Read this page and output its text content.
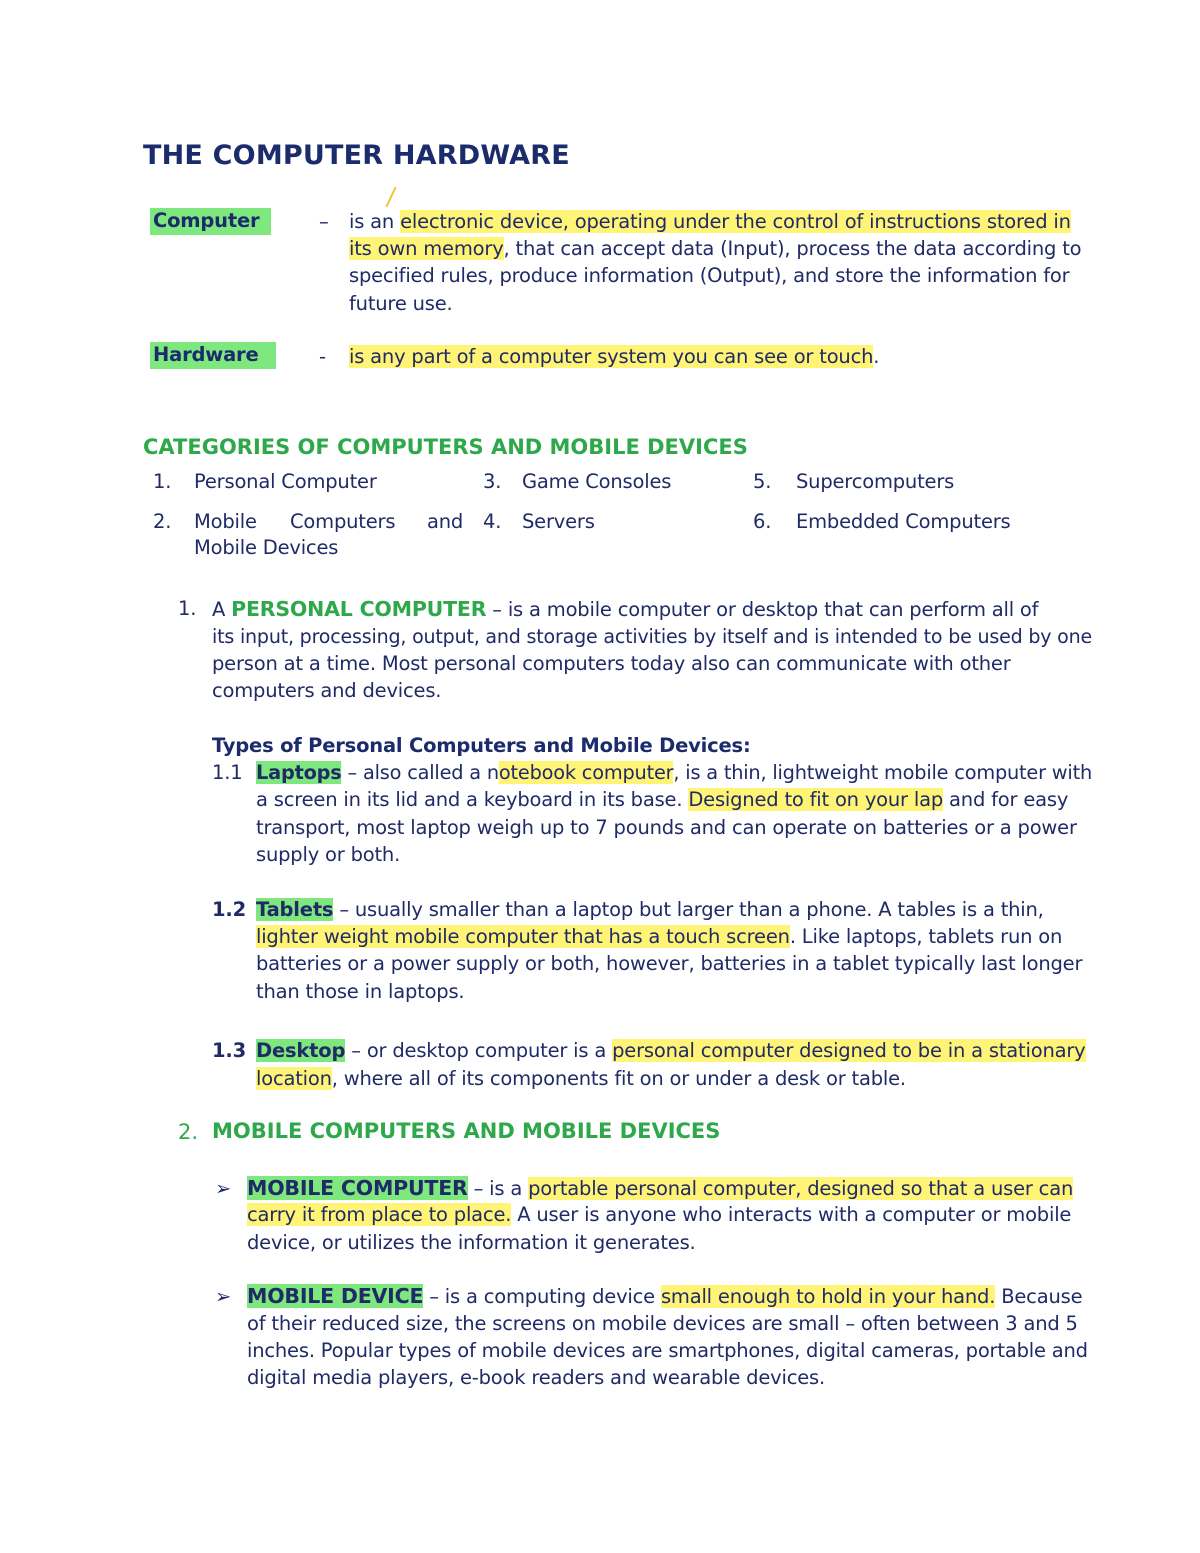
THE COMPUTER HARDWARE
Computer	– is an electronic device, operating under the control of instructions stored in
its own memory, that can accept data (Input), process the data according to
specified rules, produce information (Output), and store the information for
future use.
Hardware	- is any part of a computer system you can see or touch.
CATEGORIES OF COMPUTERS AND MOBILE DEVICES
1. Personal Computer	3. Game Consoles	5. Supercomputers
2. Mobile Computers and
Mobile Devices
4. Servers	6. Embedded Computers
1. A PERSONAL COMPUTER – is a mobile computer or desktop that can perform all of
its input, processing, output, and storage activities by itself and is intended to be used by one
person at a time. Most personal computers today also can communicate with other
computers and devices.
Types of Personal Computers and Mobile Devices:
1.1 Laptops – also called a notebook computer, is a thin, lightweight mobile computer with
a screen in its lid and a keyboard in its base. Designed to fit on your lap and for easy
transport, most laptop weigh up to 7 pounds and can operate on batteries or a power
supply or both.
1.2 Tablets – usually smaller than a laptop but larger than a phone. A tables is a thin,
lighter weight mobile computer that has a touch screen. Like laptops, tablets run on
batteries or a power supply or both, however, batteries in a tablet typically last longer
than those in laptops.
1.3 Desktop – or desktop computer is a personal computer designed to be in a stationary
location, where all of its components fit on or under a desk or table.
2. MOBILE COMPUTERS AND MOBILE DEVICES
➢ MOBILE COMPUTER – is a portable personal computer, designed so that a user can
carry it from place to place. A user is anyone who interacts with a computer or mobile
device, or utilizes the information it generates.
➢ MOBILE DEVICE – is a computing device small enough to hold in your hand. Because
of their reduced size, the screens on mobile devices are small – often between 3 and 5
inches. Popular types of mobile devices are smartphones, digital cameras, portable and
digital media players, e-book readers and wearable devices.
